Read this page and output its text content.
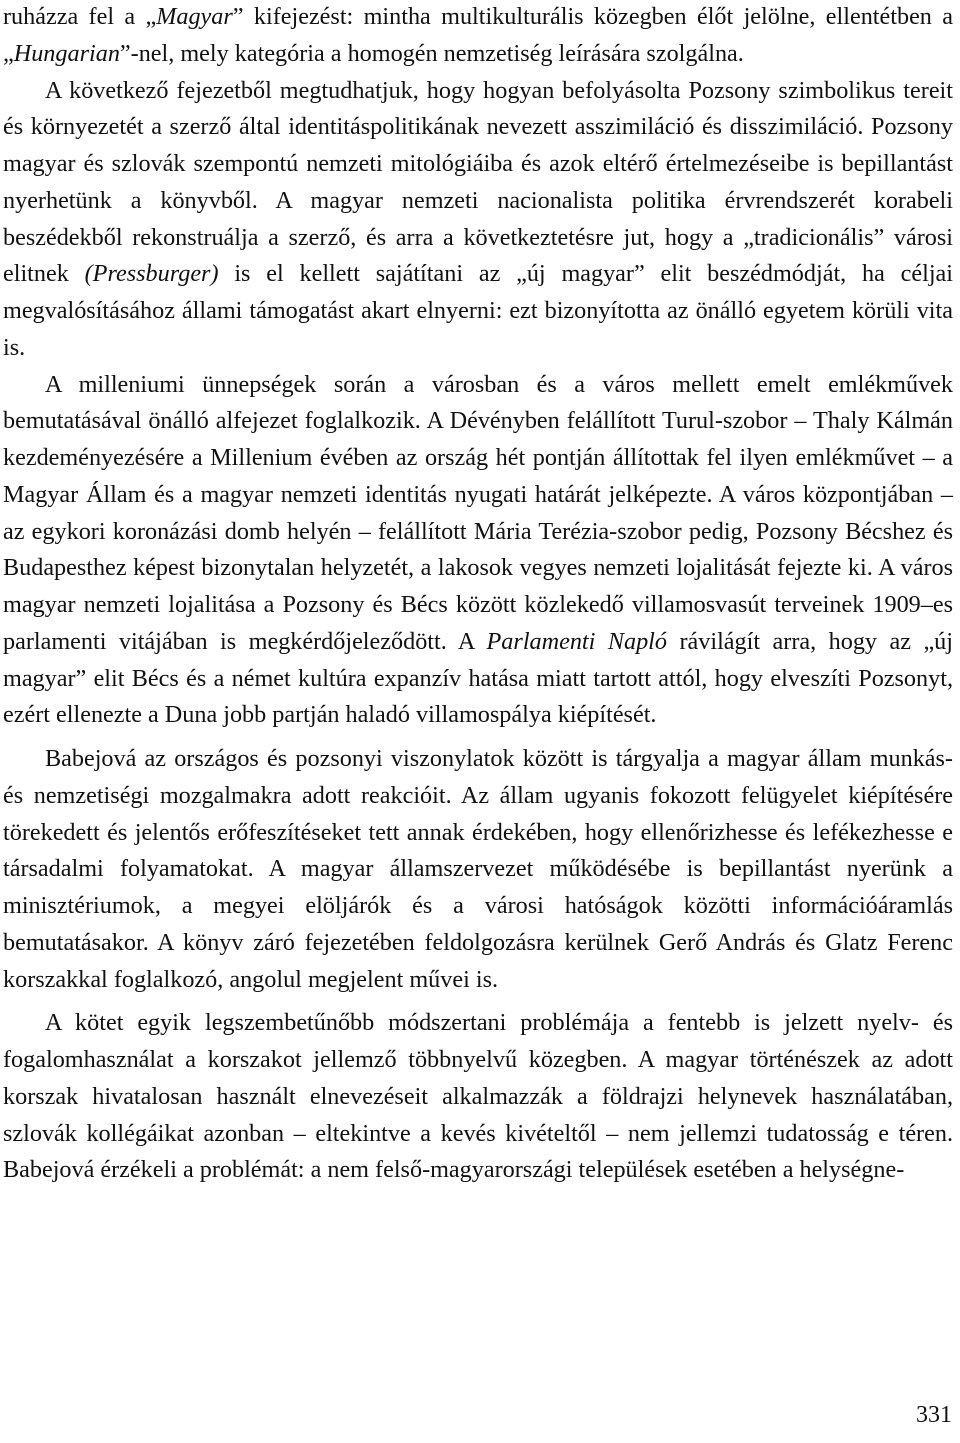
ruházza fel a „Magyar” kifejezést: mintha multikulturális közegben élőt jelölne, ellentétben a „Hungarian”-nel, mely kategória a homogén nemzetiség leírására szolgálna.

A következő fejezetből megtudhatjuk, hogy hogyan befolyásolta Pozsony szimbolikus tereit és környezetét a szerző által identitáspolitikának nevezett asszimiláció és disszimiláció. Pozsony magyar és szlovák szempontú nemzeti mitológiáiba és azok eltérő értelmezéseibe is bepillantást nyerhetünk a könyvből. A magyar nemzeti nacionalista politika érvrendszerét korabeli beszédekből rekonstruálja a szerző, és arra a következtetésre jut, hogy a „tradicionális” városi elitnek (Pressburger) is el kellett sajátítani az „új magyar” elit beszédmódját, ha céljai megvalósításához állami támogatást akart elnyerni: ezt bizonyította az önálló egyetem körüli vita is.

A milleniumi ünnepségek során a városban és a város mellett emelt emlékművek bemutatásával önálló alfejezet foglalkozik. A Dévényben felállított Turul-szobor – Thaly Kálmán kezdeményezésére a Millenium évében az ország hét pontján állítottak fel ilyen emlékművet – a Magyar Állam és a magyar nemzeti identitás nyugati határát jelképezte. A város központjában – az egykori koronázási domb helyén – felállított Mária Terézia-szobor pedig, Pozsony Bécshez és Budapesthez képest bizonytalan helyzetét, a lakosok vegyes nemzeti lojalitását fejezte ki. A város magyar nemzeti lojalitása a Pozsony és Bécs között közlekedő villamosvasút terveinek 1909–es parlamenti vitájában is megkérdőjeleződött. A Parlamenti Napló rávilágít arra, hogy az „új magyar” elit Bécs és a német kultúra expanzív hatása miatt tartott attól, hogy elveszíti Pozsonyt, ezért ellenezte a Duna jobb partján haladó villamospálya kiépítését.

Babejová az országos és pozsonyi viszonylatok között is tárgyalja a magyar állam munkás- és nemzetiségi mozgalmakra adott reakcióit. Az állam ugyanis fokozott felügyelet kiépítésére törekedett és jelentős erőfeszítéseket tett annak érdekében, hogy ellenőrizhesse és lefékezhesse e társadalmi folyamatokat. A magyar államszervezet működésébe is bepillantást nyerünk a minisztériumok, a megyei elöljárók és a városi hatóságok közötti információáramlás bemutatásakor. A könyv záró fejezetében feldolgozásra kerülnek Gerő András és Glatz Ferenc korszakkal foglalkozó, angolul megjelent művei is.

A kötet egyik legszembetűnőbb módszertani problémája a fentebb is jelzett nyelv- és fogalomhasználat a korszakot jellemző többnyelvű közegben. A magyar történészek az adott korszak hivatalosan használt elnevezéseit alkalmazzák a földrajzi helynevek használatában, szlovák kollégáikat azonban – eltekintve a kevés kivételtől – nem jellemzi tudatosság e téren. Babejová érzékeli a problémát: a nem felső-magyarországi települések esetében a helységne-

331
